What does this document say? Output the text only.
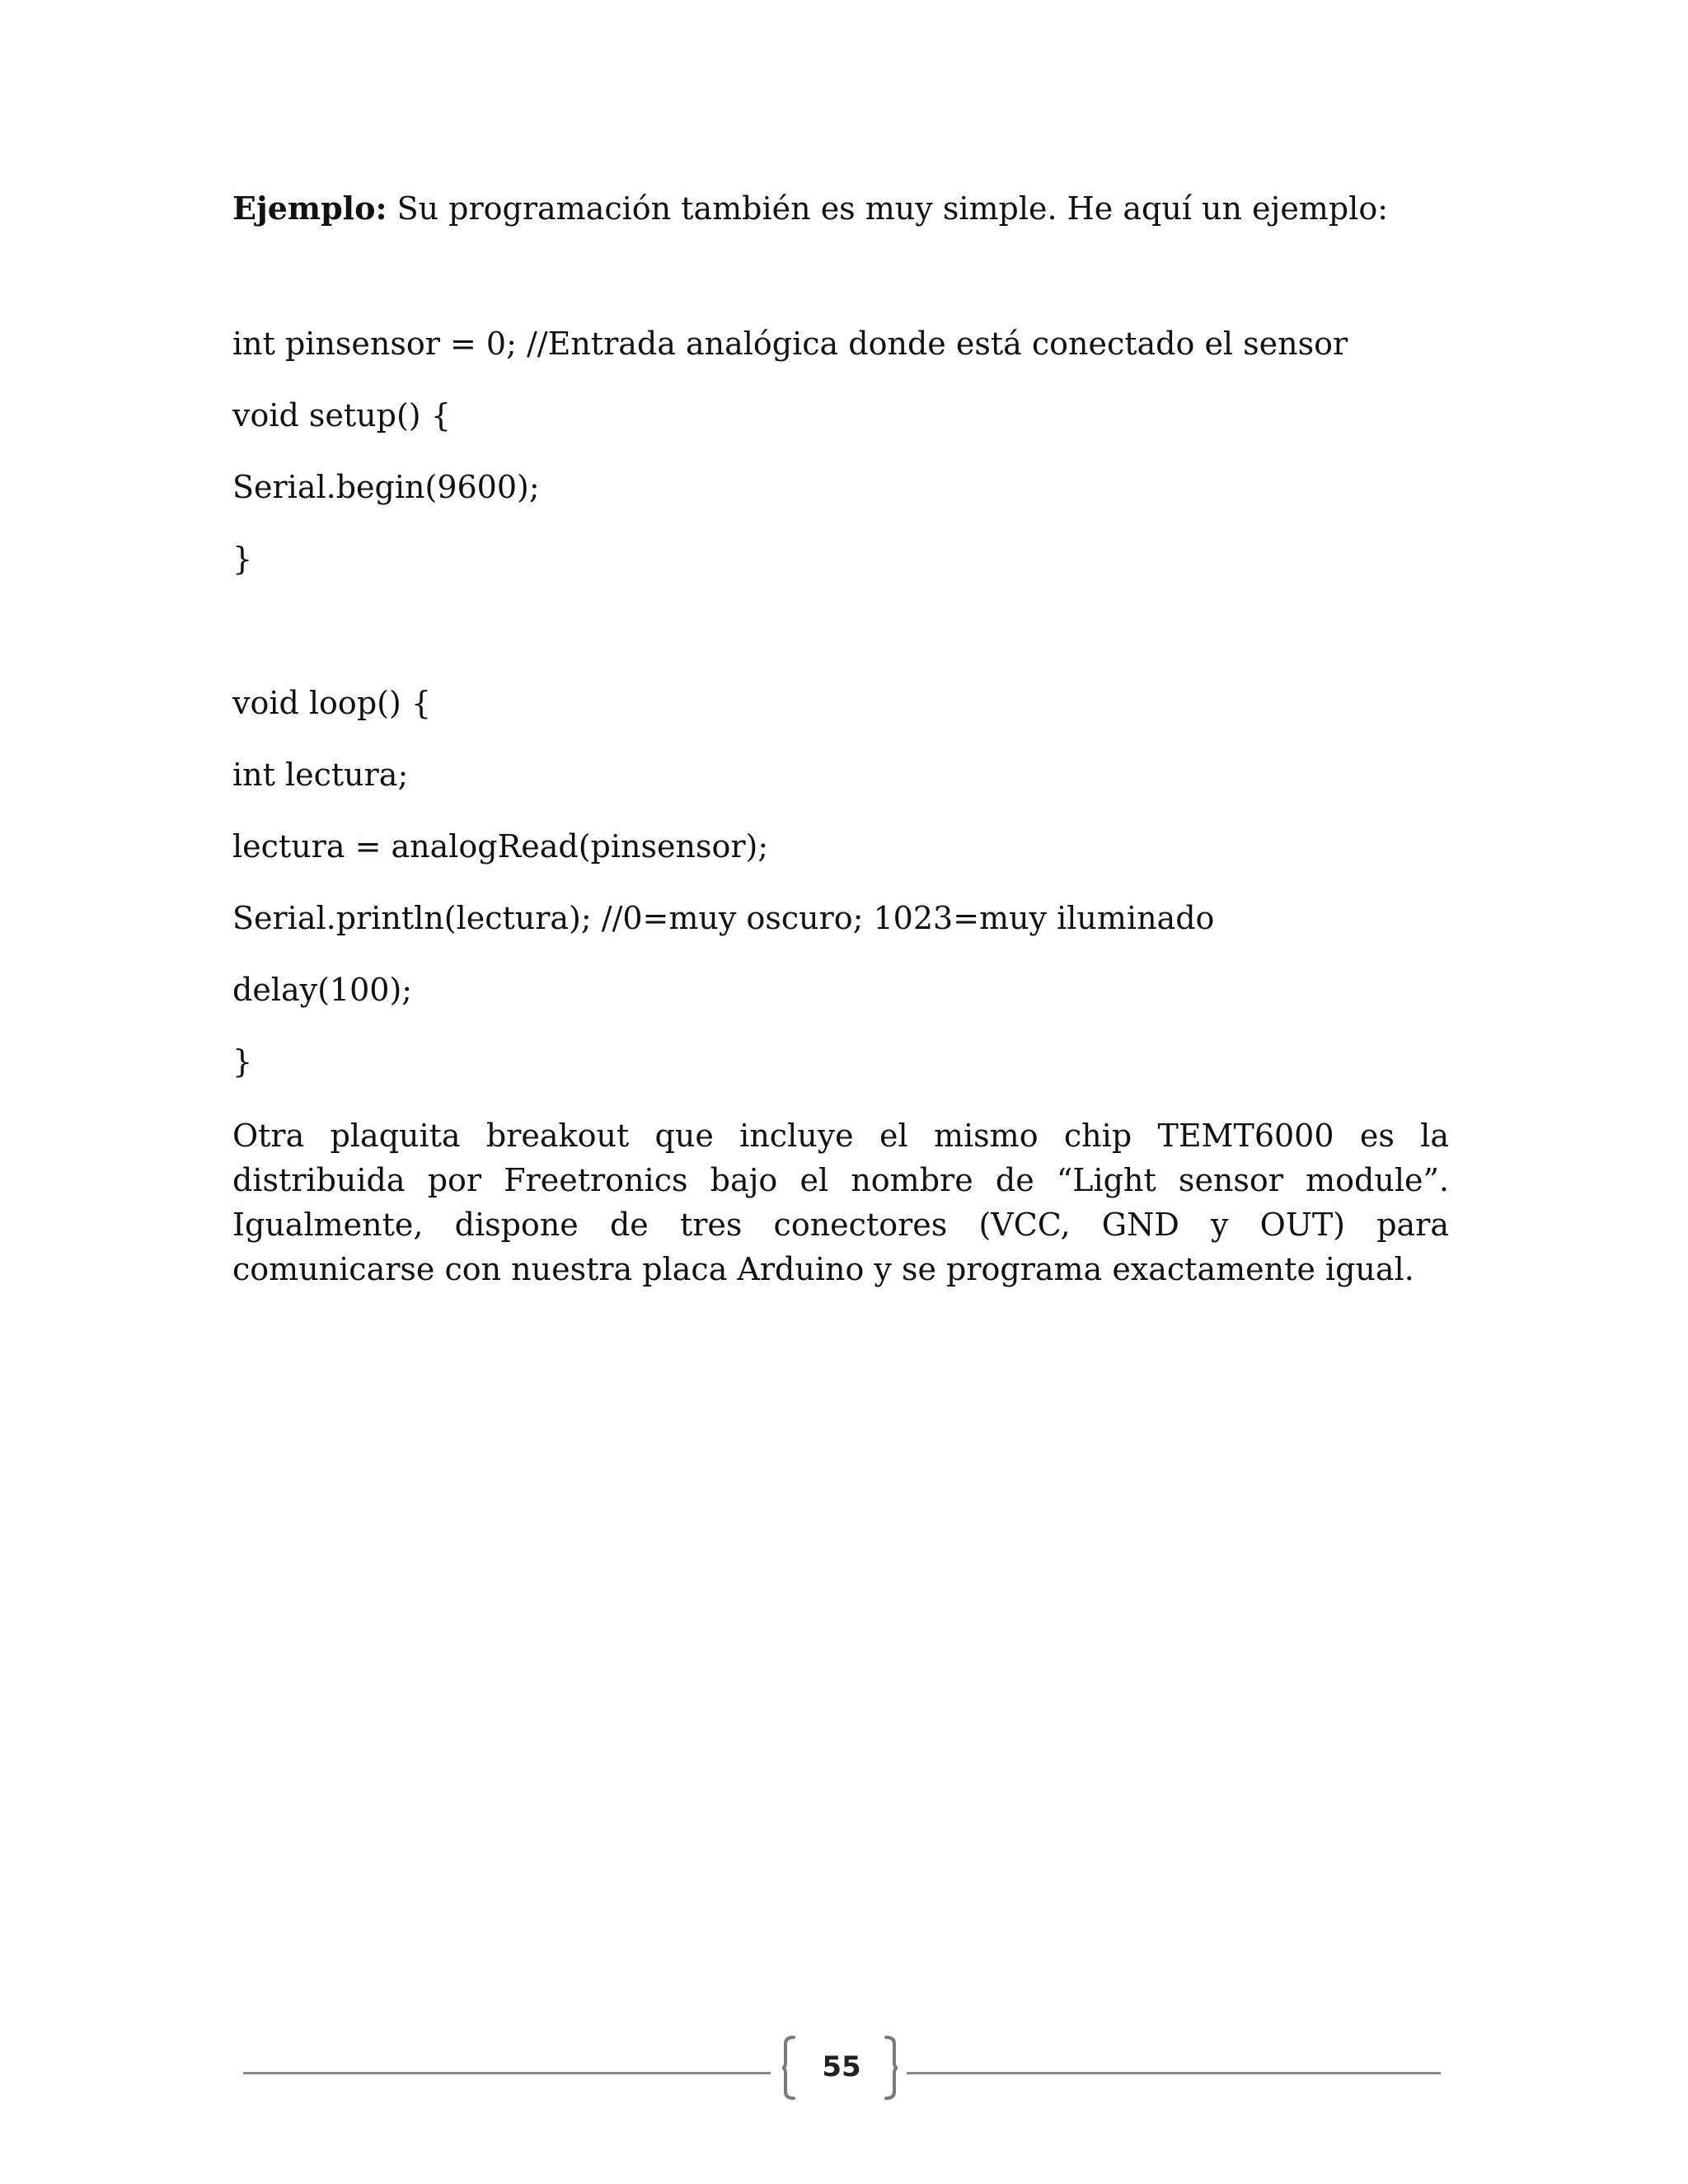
Ejemplo: Su programación también es muy simple. He aquí un ejemplo:

int pinsensor = 0; //Entrada analógica donde está conectado el sensor
void setup() {
Serial.begin(9600);
}
void loop() {
int lectura;
lectura = analogRead(pinsensor);
Serial.println(lectura); //0=muy oscuro; 1023=muy iluminado
delay(100);
}

Otra plaquita breakout que incluye el mismo chip TEMT6000 es la distribuida por Freetronics bajo el nombre de “Light sensor module”. Igualmente, dispone de tres conectores (VCC, GND y OUT) para comunicarse con nuestra placa Arduino y se programa exactamente igual.

55
